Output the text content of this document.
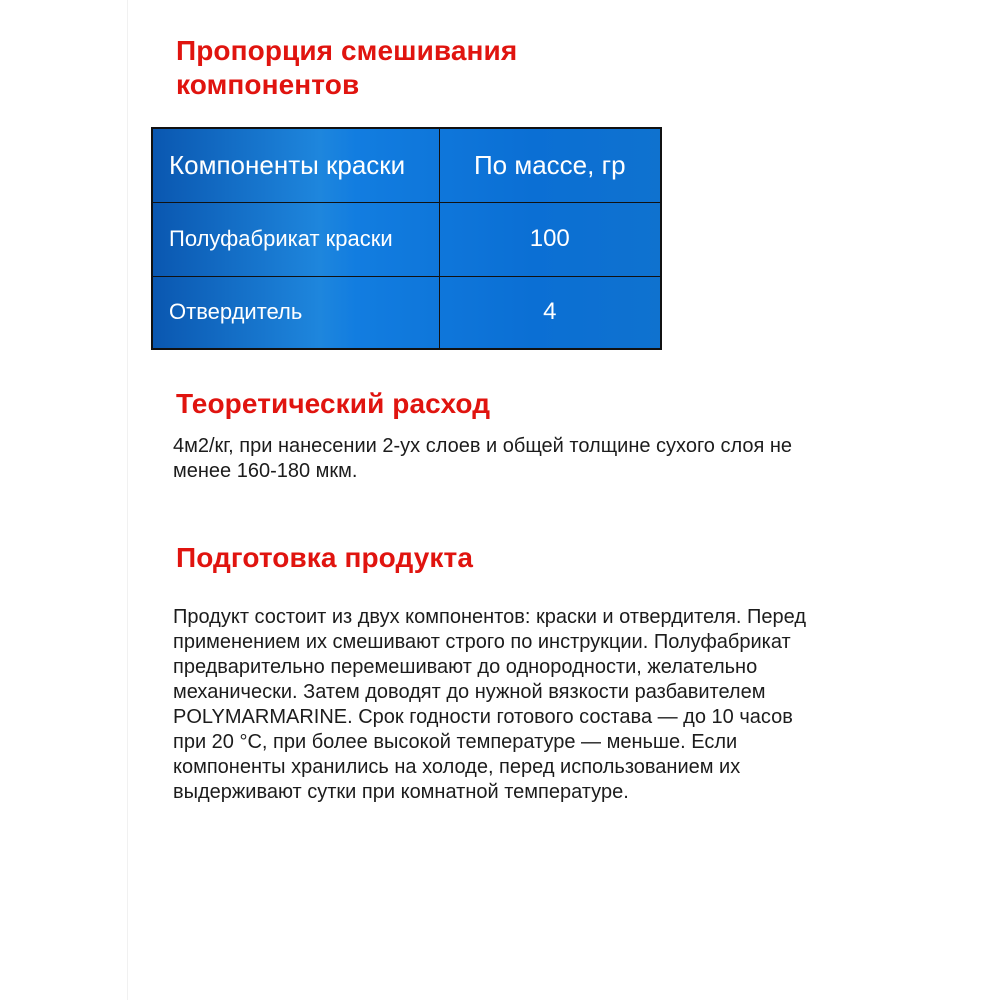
Пропорция смешивания компонентов
Компоненты краски	По массе, гр
Полуфабрикат краски	100
Отвердитель	4
Теоретический расход

4м2/кг, при нанесении 2-ух слоев и общей толщине сухого слоя не менее 160-180 мкм.

Подготовка продукта

Продукт состоит из двух компонентов: краски и отвердителя. Перед применением их смешивают строго по инструкции. Полуфабрикат предварительно перемешивают до однородности, желательно механически. Затем доводят до нужной вязкости разбавителем POLYMARMARINE. Срок годности готового состава — до 10 часов при 20 °С, при более высокой температуре — меньше. Если компоненты хранились на холоде, перед использованием их выдерживают сутки при комнатной температуре.
